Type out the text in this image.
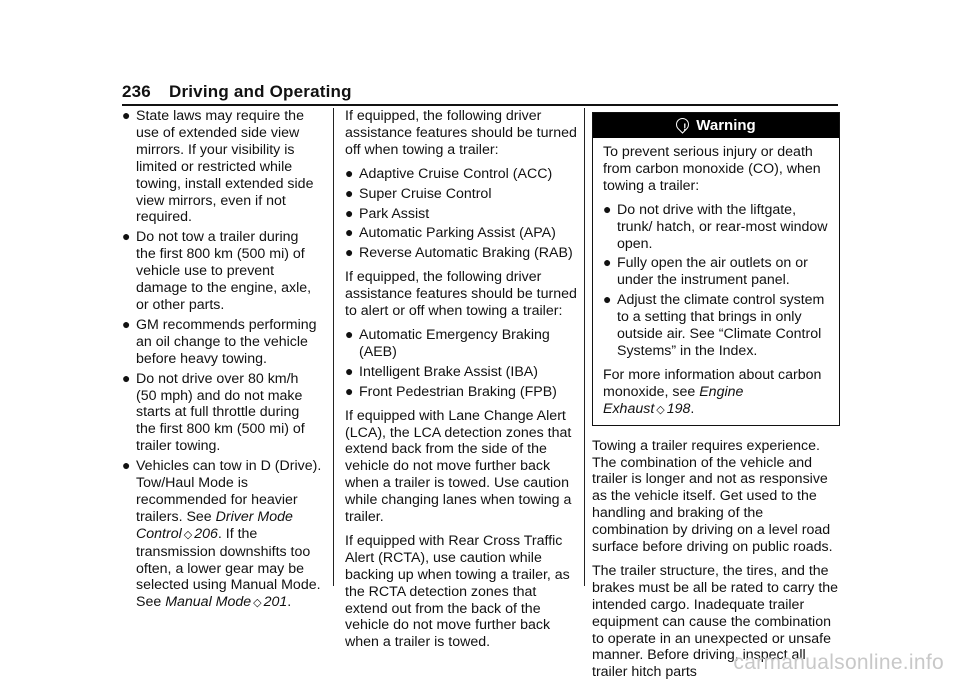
236 Driving and Operating
● State laws may require the use of extended side view mirrors. If your visibility is limited or restricted while towing, install extended side view mirrors, even if not required.
● Do not tow a trailer during the first 800 km (500 mi) of vehicle use to prevent damage to the engine, axle, or other parts.
● GM recommends performing an oil change to the vehicle before heavy towing.
● Do not drive over 80 km/h (50 mph) and do not make starts at full throttle during the first 800 km (500 mi) of trailer towing.
● Vehicles can tow in D (Drive). Tow/Haul Mode is recommended for heavier trailers. See Driver Mode Control ◇ 206. If the transmission downshifts too often, a lower gear may be selected using Manual Mode. See Manual Mode ◇ 201.

If equipped, the following driver assistance features should be turned off when towing a trailer:

● Adaptive Cruise Control (ACC)
● Super Cruise Control
● Park Assist
● Automatic Parking Assist (APA)
● Reverse Automatic Braking (RAB)

If equipped, the following driver assistance features should be turned to alert or off when towing a trailer:

● Automatic Emergency Braking (AEB)
● Intelligent Brake Assist (IBA)
● Front Pedestrian Braking (FPB)

If equipped with Lane Change Alert (LCA), the LCA detection zones that extend back from the side of the vehicle do not move further back when a trailer is towed. Use caution while changing lanes when towing a trailer.

If equipped with Rear Cross Traffic Alert (RCTA), use caution while backing up when towing a trailer, as the RCTA detection zones that extend out from the back of the vehicle do not move further back when a trailer is towed.

!Warning

To prevent serious injury or death from carbon monoxide (CO), when towing a trailer:

● Do not drive with the liftgate, trunk/ hatch, or rear-most window open.
● Fully open the air outlets on or under the instrument panel.
● Adjust the climate control system to a setting that brings in only outside air. See “Climate Control Systems” in the Index.

For more information about carbon monoxide, see Engine Exhaust ◇ 198.

Towing a trailer requires experience. The combination of the vehicle and trailer is longer and not as responsive as the vehicle itself. Get used to the handling and braking of the combination by driving on a level road surface before driving on public roads.

The trailer structure, the tires, and the brakes must be all be rated to carry the intended cargo. Inadequate trailer equipment can cause the combination to operate in an unexpected or unsafe manner. Before driving, inspect all trailer hitch parts	carmanualsonline.info
